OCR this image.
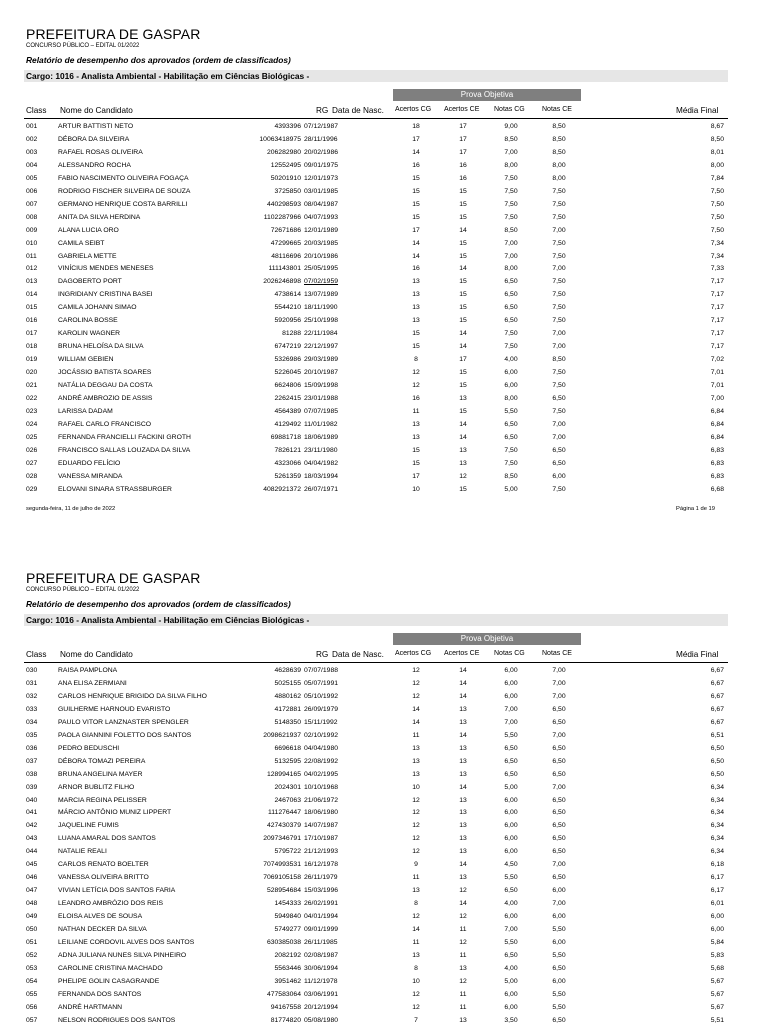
PREFEITURA DE GASPAR
CONCURSO PÚBLICO – EDITAL 01/2022
Relatório de desempenho dos aprovados (ordem de classificados)
Cargo: 1016 - Analista Ambiental - Habilitação em Ciências Biológicas -
Prova Objetiva
Class Nome do Candidato	RG Data de Nasc. Acertos CG Acertos CE Notas CG Notas CE	Média Final
001	ARTUR BATTISTI NETO	4393396 07/12/1987	18	17	9,00	8,50	8,67
002	DÉBORA DA SILVEIRA	10063418975 28/11/1996	17	17	8,50	8,50	8,50
003	RAFAEL ROSAS OLIVEIRA	206282980 20/02/1986	14	17	7,00	8,50	8,01
004	ALESSANDRO ROCHA	12552495 09/01/1975	16	16	8,00	8,00	8,00
005	FABIO NASCIMENTO OLIVEIRA FOGAÇA	50201910 12/01/1973	15	16	7,50	8,00	7,84
006	RODRIGO FISCHER SILVEIRA DE SOUZA	3725850 03/01/1985	15	15	7,50	7,50	7,50
007	GERMANO HENRIQUE COSTA BARRILLI	440298593 08/04/1987	15	15	7,50	7,50	7,50
008	ANITA DA SILVA HERDINA	1102287966 04/07/1993	15	15	7,50	7,50	7,50
009	ALANA LUCIA ORO	72671686 12/01/1989	17	14	8,50	7,00	7,50
010	CAMILA SEIBT	47299665 20/03/1985	14	15	7,00	7,50	7,34
011	GABRIELA METTE	48116696 20/10/1986	14	15	7,00	7,50	7,34
012	VINÍCIUS MENDES MENESES	111143801 25/05/1995	16	14	8,00	7,00	7,33
013	DAGOBERTO PORT	2026246898 07/02/1959	13	15	6,50	7,50	7,17
014	INGRIDIANY CRISTINA BASEI	4738614 13/07/1989	13	15	6,50	7,50	7,17
015	CAMILA JOHANN SIMAO	5544210 18/11/1990	13	15	6,50	7,50	7,17
016	CAROLINA BOSSE	5920956 25/10/1998	13	15	6,50	7,50	7,17
017	KAROLIN WAGNER	81288 22/11/1984	15	14	7,50	7,00	7,17
018	BRUNA HELOÍSA DA SILVA	6747219 22/12/1997	15	14	7,50	7,00	7,17
019	WILLIAM GEBIEN	5326986 29/03/1989	8	17	4,00	8,50	7,02
020	JOCÁSSIO BATISTA SOARES	5226045 20/10/1987	12	15	6,00	7,50	7,01
021	NATÁLIA DEGGAU DA COSTA	6624806 15/09/1998	12	15	6,00	7,50	7,01
022	ANDRÉ AMBROZIO DE ASSIS	2262415 23/01/1988	16	13	8,00	6,50	7,00
023	LARISSA DADAM	4564389 07/07/1985	11	15	5,50	7,50	6,84
024	RAFAEL CARLO FRANCISCO	4129492 11/01/1982	13	14	6,50	7,00	6,84
025	FERNANDA FRANCIELLI FACKINI GROTH	69881718 18/06/1989	13	14	6,50	7,00	6,84
026	FRANCISCO SALLAS LOUZADA DA SILVA	7826121 23/11/1980	15	13	7,50	6,50	6,83
027	EDUARDO FELÍCIO	4323066 04/04/1982	15	13	7,50	6,50	6,83
028	VANESSA MIRANDA	5261359 18/03/1994	17	12	8,50	6,00	6,83
029	ELOVANI SINARA STRASSBURGER	4082921372 26/07/1971	10	15	5,00	7,50	6,68
segunda-feira, 11 de julho de 2022	Página 1 de 19
PREFEITURA DE GASPAR
CONCURSO PÚBLICO – EDITAL 01/2022
Relatório de desempenho dos aprovados (ordem de classificados)
Cargo: 1016 - Analista Ambiental - Habilitação em Ciências Biológicas -
Prova Objetiva
Class Nome do Candidato	RG Data de Nasc. Acertos CG Acertos CE Notas CG Notas CE	Média Final
030	RAISA PAMPLONA	4628639 07/07/1988	12	14	6,00	7,00	6,67
031	ANA ELISA ZERMIANI	5025155 05/07/1991	12	14	6,00	7,00	6,67
032	CARLOS HENRIQUE BRIGIDO DA SILVA FILHO	4880162 05/10/1992	12	14	6,00	7,00	6,67
033	GUILHERME HARNOUD EVARISTO	4172881 26/09/1979	14	13	7,00	6,50	6,67
034	PAULO VITOR LANZNASTER SPENGLER	5148350 15/11/1992	14	13	7,00	6,50	6,67
035	PAOLA GIANNINI FOLETTO DOS SANTOS	2098621937 02/10/1992	11	14	5,50	7,00	6,51
036	PEDRO BEDUSCHI	6696618 04/04/1980	13	13	6,50	6,50	6,50
037	DÉBORA TOMAZI PEREIRA	5132595 22/08/1992	13	13	6,50	6,50	6,50
038	BRUNA ANGELINA MAYER	128994165 04/02/1995	13	13	6,50	6,50	6,50
039	ARNOR BUBLITZ FILHO	2024301 10/10/1968	10	14	5,00	7,00	6,34
040	MARCIA REGINA PELISSER	2467063 21/06/1972	12	13	6,00	6,50	6,34
041	MÁRCIO ANTÔNIO MUNIZ LIPPERT	111276447 18/06/1980	12	13	6,00	6,50	6,34
042	JAQUELINE FUMIS	427430379 14/07/1987	12	13	6,00	6,50	6,34
043	LUANA AMARAL DOS SANTOS	2097346791 17/10/1987	12	13	6,00	6,50	6,34
044	NATALIE REALI	5795722 21/12/1993	12	13	6,00	6,50	6,34
045	CARLOS RENATO BOELTER	7074993531 16/12/1978	9	14	4,50	7,00	6,18
046	VANESSA OLIVEIRA BRITTO	7069105158 26/11/1979	11	13	5,50	6,50	6,17
047	VIVIAN LETÍCIA DOS SANTOS FARIA	528954684 15/03/1996	13	12	6,50	6,00	6,17
048	LEANDRO AMBRÓZIO DOS REIS	1454333 26/02/1991	8	14	4,00	7,00	6,01
049	ELOISA ALVES DE SOUSA	5949840 04/01/1994	12	12	6,00	6,00	6,00
050	NATHAN DECKER DA SILVA	5749277 09/01/1999	14	11	7,00	5,50	6,00
051	LEILIANE CORDOVIL ALVES DOS SANTOS	630385038 26/11/1985	11	12	5,50	6,00	5,84
052	ADNA JULIANA NUNES SILVA PINHEIRO	2082192 02/08/1987	13	11	6,50	5,50	5,83
053	CAROLINE CRISTINA MACHADO	5563446 30/06/1994	8	13	4,00	6,50	5,68
054	PHELIPE GOLIN CASAGRANDE	3951462 11/12/1978	10	12	5,00	6,00	5,67
055	FERNANDA DOS SANTOS	477583064 03/06/1991	12	11	6,00	5,50	5,67
056	ANDRÉ HARTMANN	94167558 20/12/1994	12	11	6,00	5,50	5,67
057	NELSON RODRIGUES DOS SANTOS	81774820 05/08/1980	7	13	3,50	6,50	5,51
